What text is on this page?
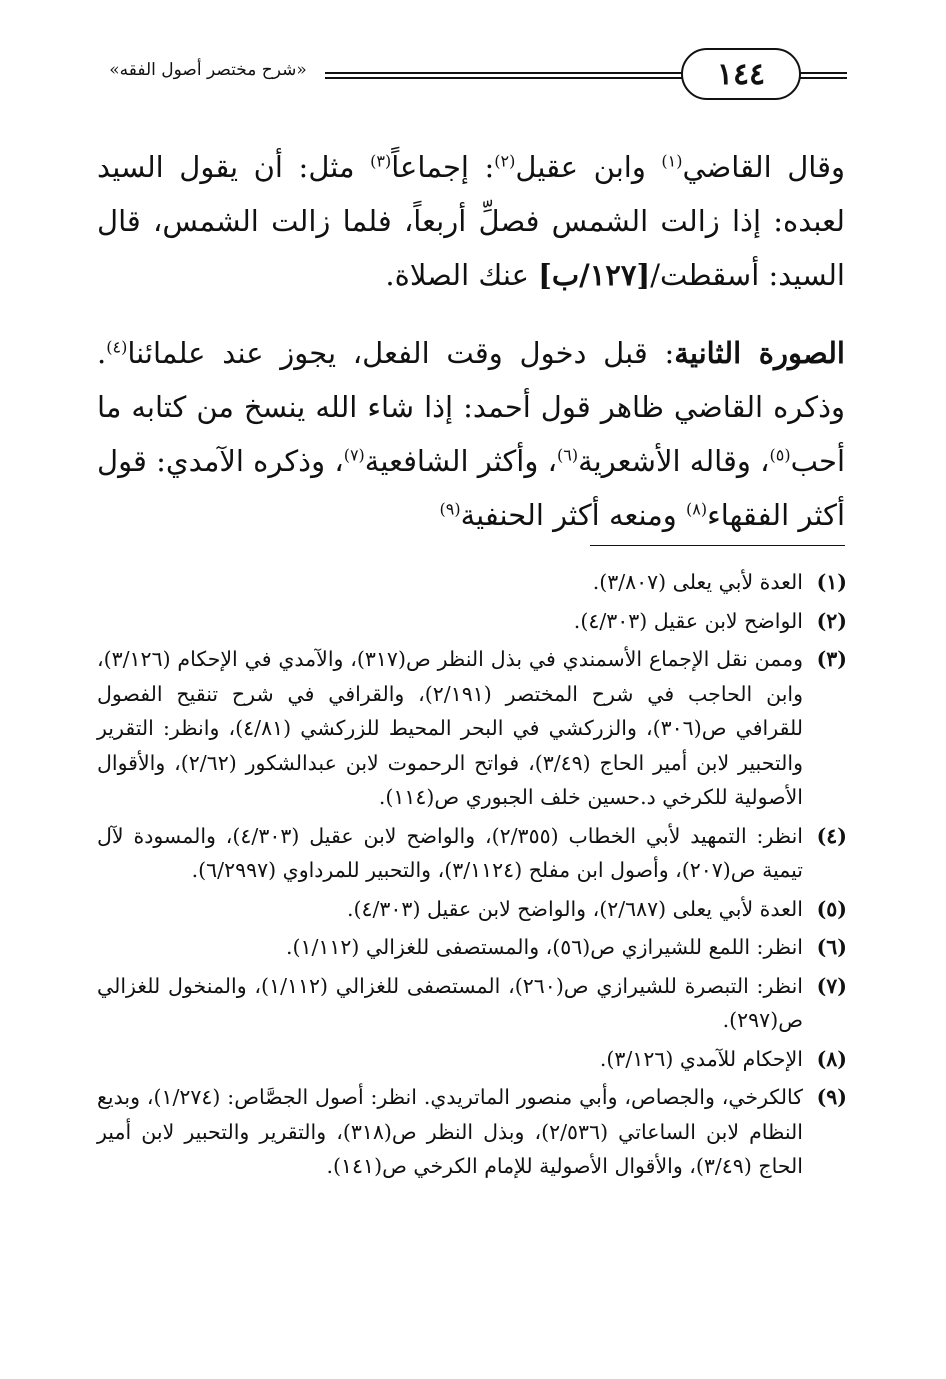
١٤٤
«شرح مختصر أصول الفقه»

وقال القاضي$^{(١)}$ وابن عقيل$^{(٢)}$: إجماعاً$^{(٣)}$ مثل: أن يقول السيد لعبده: إذا زالت الشمس فصلِّ أربعاً، فلما زالت الشمس، قال السيد: أسقطت/[١٢٧/ب] عنك الصلاة.

الصورة الثانية: قبل دخول وقت الفعل، يجوز عند علمائنا$^{(٤)}$. وذكره القاضي ظاهر قول أحمد: إذا شاء الله ينسخ من كتابه ما أحب$^{(٥)}$، وقاله الأشعرية$^{(٦)}$، وأكثر الشافعية$^{(٧)}$، وذكره الآمدي: قول أكثر الفقهاء$^{(٨)}$ ومنعه أكثر الحنفية$^{(٩)}$

(١)
العدة لأبي يعلى (٣/٨٠٧).
(٢)
الواضح لابن عقيل (٤/٣٠٣).
(٣)
وممن نقل الإجماع الأسمندي في بذل النظر ص(٣١٧)، والآمدي في الإحكام (٣/١٢٦)، وابن الحاجب في شرح المختصر (٢/١٩١)، والقرافي في شرح تنقيح الفصول للقرافي ص(٣٠٦)، والزركشي في البحر المحيط للزركشي (٤/٨١)، وانظر: التقرير والتحبير لابن أمير الحاج (٣/٤٩)، فواتح الرحموت لابن عبدالشكور (٢/٦٢)، والأقوال الأصولية للكرخي د.حسين خلف الجبوري ص(١١٤).
(٤)
انظر: التمهيد لأبي الخطاب (٢/٣٥٥)، والواضح لابن عقيل (٤/٣٠٣)، والمسودة لآل تيمية ص(٢٠٧)، وأصول ابن مفلح (٣/١١٢٤)، والتحبير للمرداوي (٦/٢٩٩٧).
(٥)
العدة لأبي يعلى (٢/٦٨٧)، والواضح لابن عقيل (٤/٣٠٣).
(٦)
انظر: اللمع للشيرازي ص(٥٦)، والمستصفى للغزالي (١/١١٢).
(٧)
انظر: التبصرة للشيرازي ص(٢٦٠)، المستصفى للغزالي (١/١١٢)، والمنخول للغزالي ص(٢٩٧).
(٨)
الإحكام للآمدي (٣/١٢٦).
(٩)
كالكرخي، والجصاص، وأبي منصور الماتريدي. انظر: أصول الجصَّاص: (١/٢٧٤)، وبديع النظام لابن الساعاتي (٢/٥٣٦)، وبذل النظر ص(٣١٨)، والتقرير والتحبير لابن أمير الحاج (٣/٤٩)، والأقوال الأصولية للإمام الكرخي ص(١٤١).
